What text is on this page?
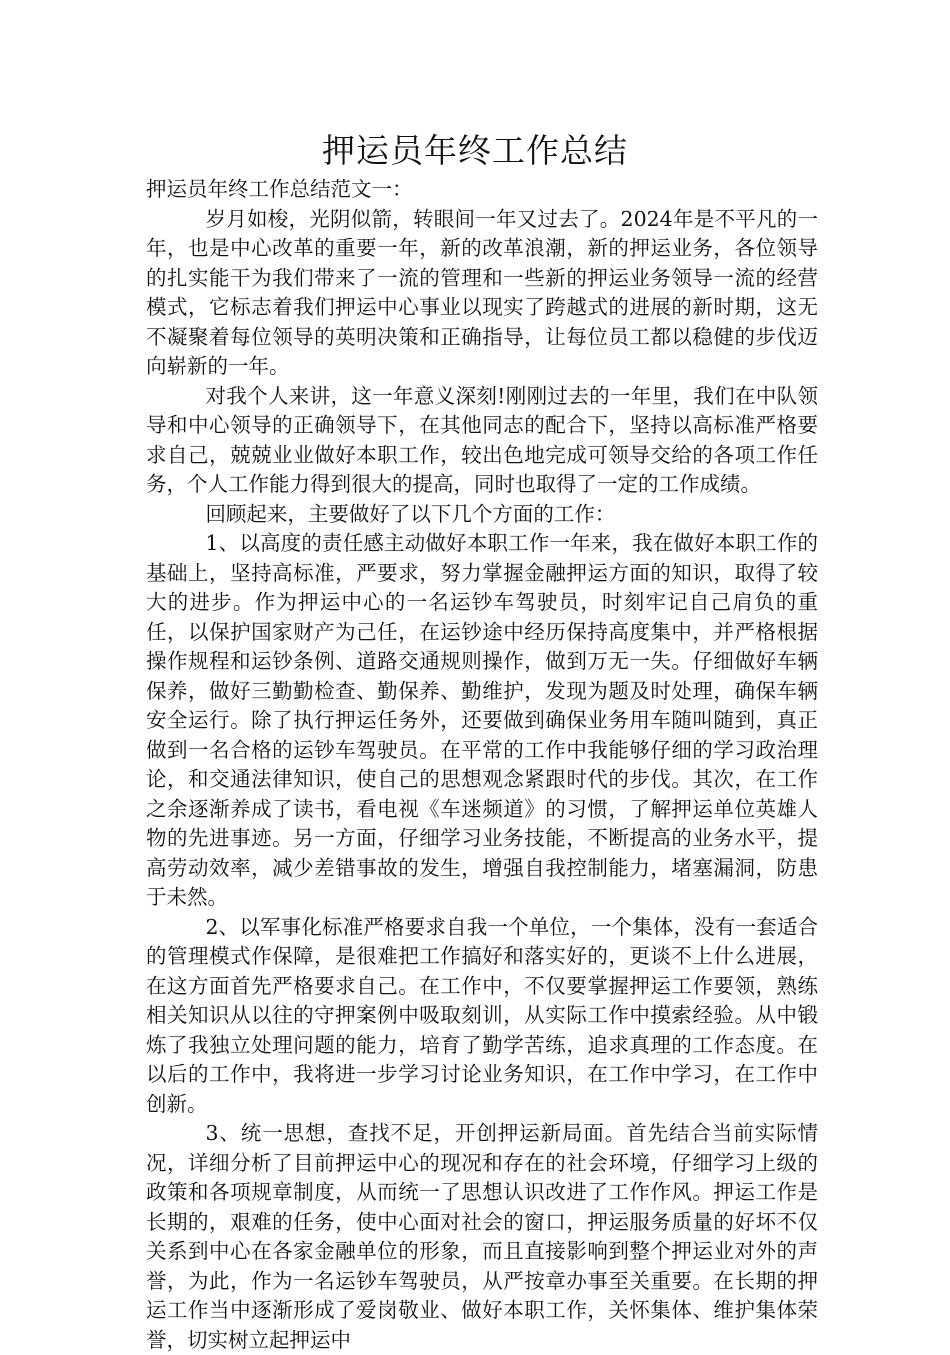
押运员年终工作总结

押运员年终工作总结范文一：

岁月如梭，光阴似箭，转眼间一年又过去了。2024年是不平凡的一年，也是中心改革的重要一年，新的改革浪潮，新的押运业务，各位领导的扎实能干为我们带来了一流的管理和一些新的押运业务领导一流的经营模式，它标志着我们押运中心事业以现实了跨越式的进展的新时期，这无不凝聚着每位领导的英明决策和正确指导，让每位员工都以稳健的步伐迈向崭新的一年。

对我个人来讲，这一年意义深刻!刚刚过去的一年里，我们在中队领导和中心领导的正确领导下，在其他同志的配合下，坚持以高标准严格要求自己，兢兢业业做好本职工作，较出色地完成可领导交给的各项工作任务，个人工作能力得到很大的提高，同时也取得了一定的工作成绩。

回顾起来，主要做好了以下几个方面的工作：

1、以高度的责任感主动做好本职工作一年来，我在做好本职工作的基础上，坚持高标准，严要求，努力掌握金融押运方面的知识，取得了较大的进步。作为押运中心的一名运钞车驾驶员，时刻牢记自己肩负的重任，以保护国家财产为己任，在运钞途中经历保持高度集中，并严格根据操作规程和运钞条例、道路交通规则操作，做到万无一失。仔细做好车辆保养，做好三勤勤检查、勤保养、勤维护，发现为题及时处理，确保车辆安全运行。除了执行押运任务外，还要做到确保业务用车随叫随到，真正做到一名合格的运钞车驾驶员。在平常的工作中我能够仔细的学习政治理论，和交通法律知识，使自己的思想观念紧跟时代的步伐。其次，在工作之余逐渐养成了读书，看电视《车迷频道》的习惯，了解押运单位英雄人物的先进事迹。另一方面，仔细学习业务技能，不断提高的业务水平，提高劳动效率，减少差错事故的发生，增强自我控制能力，堵塞漏洞，防患于未然。

2、以军事化标准严格要求自我一个单位，一个集体，没有一套适合的管理模式作保障，是很难把工作搞好和落实好的，更谈不上什么进展，在这方面首先严格要求自己。在工作中，不仅要掌握押运工作要领，熟练相关知识从以往的守押案例中吸取刻训，从实际工作中摸索经验。从中锻炼了我独立处理问题的能力，培育了勤学苦练，追求真理的工作态度。在以后的工作中，我将进一步学习讨论业务知识，在工作中学习，在工作中创新。

3、统一思想，查找不足，开创押运新局面。首先结合当前实际情况，详细分析了目前押运中心的现况和存在的社会环境，仔细学习上级的政策和各项规章制度，从而统一了思想认识改进了工作作风。押运工作是长期的，艰难的任务，使中心面对社会的窗口，押运服务质量的好坏不仅关系到中心在各家金融单位的形象，而且直接影响到整个押运业对外的声誉，为此，作为一名运钞车驾驶员，从严按章办事至关重要。在长期的押运工作当中逐渐形成了爱岗敬业、做好本职工作，关怀集体、维护集体荣誉，切实树立起押运中
